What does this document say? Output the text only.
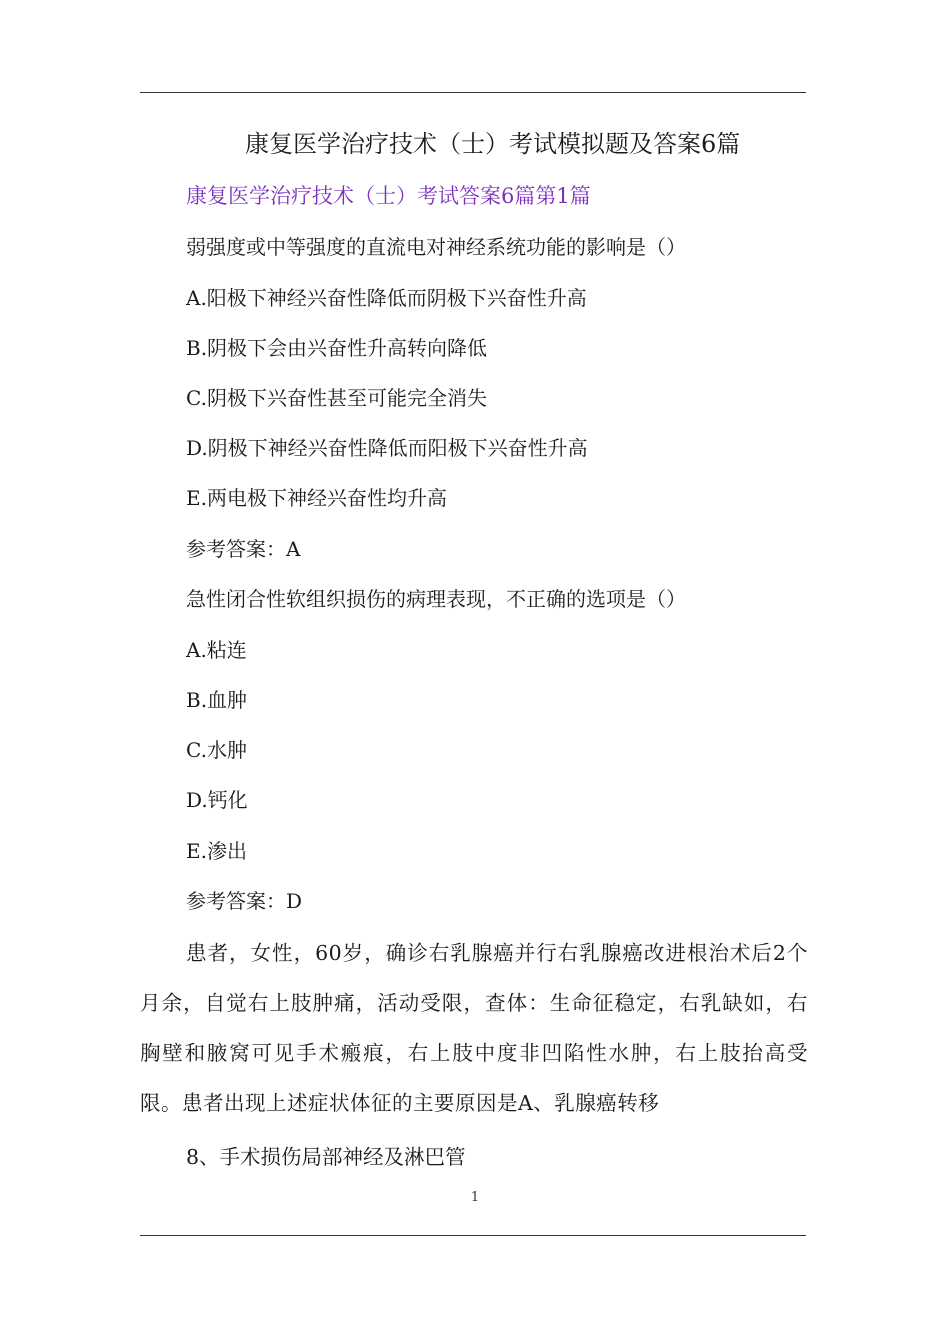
康复医学治疗技术（士）考试模拟题及答案6篇
康复医学治疗技术（士）考试答案6篇第1篇
弱强度或中等强度的直流电对神经系统功能的影响是（）
A.阳极下神经兴奋性降低而阴极下兴奋性升高
B.阴极下会由兴奋性升高转向降低
C.阴极下兴奋性甚至可能完全消失
D.阴极下神经兴奋性降低而阳极下兴奋性升高
E.两电极下神经兴奋性均升高
参考答案：A
急性闭合性软组织损伤的病理表现，不正确的选项是（）
A.粘连
B.血肿
C.水肿
D.钙化
E.渗出
参考答案：D
患者，女性，60岁，确诊右乳腺癌并行右乳腺癌改进根治术后2个月余，自觉右上肢肿痛，活动受限，查体：生命征稳定，右乳缺如，右胸壁和腋窝可见手术瘢痕，右上肢中度非凹陷性水肿，右上肢抬高受限。患者出现上述症状体征的主要原因是A、乳腺癌转移
8、手术损伤局部神经及淋巴管
1
